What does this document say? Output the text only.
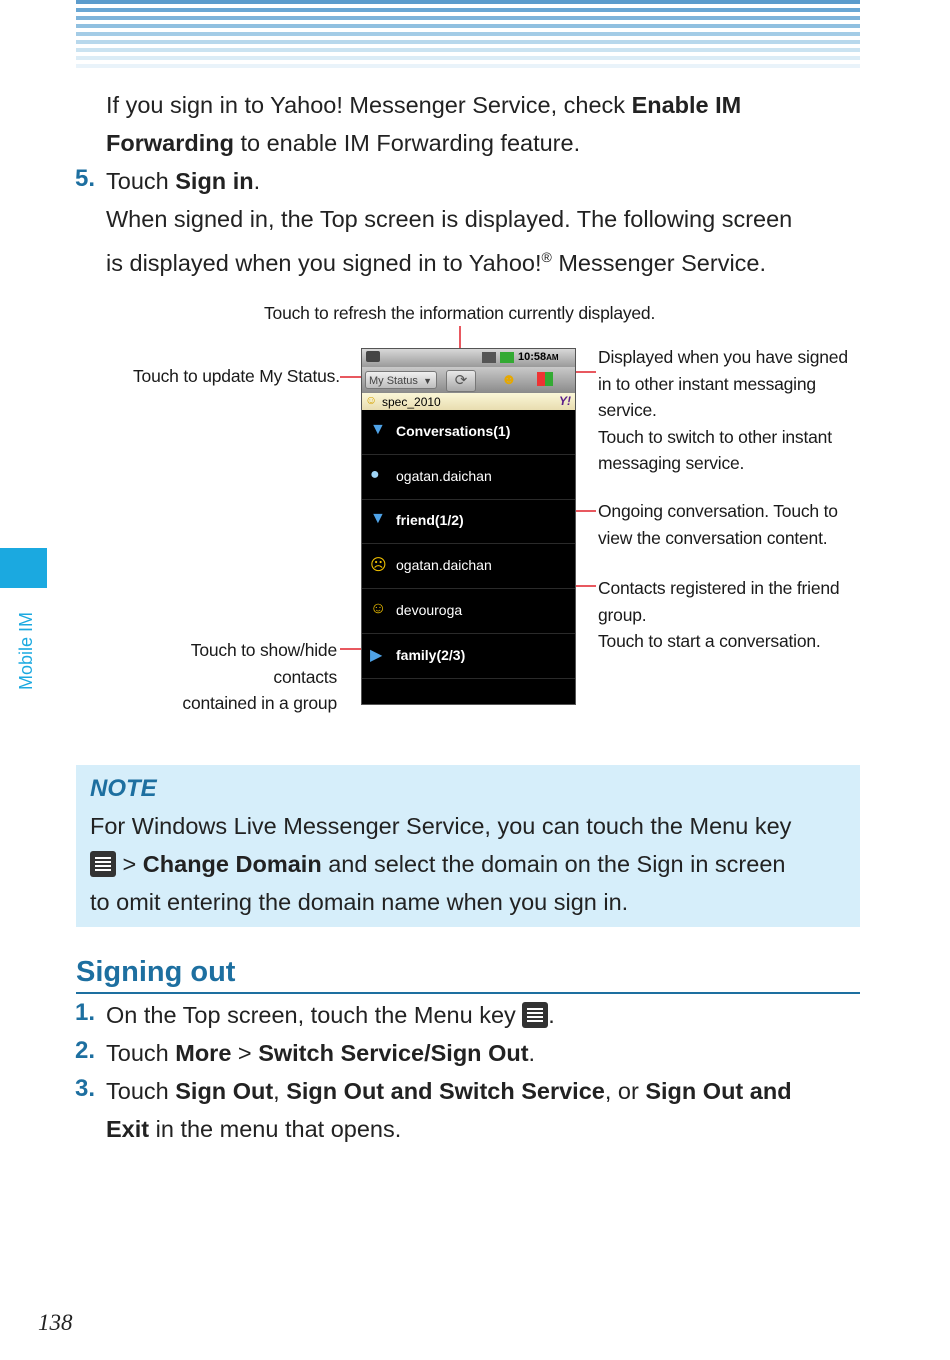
Mobile IM
If you sign in to Yahoo! Messenger Service, check Enable IM
Forwarding to enable IM Forwarding feature.
5. Touch Sign in.
When signed in, the Top screen is displayed. The following screen
is displayed when you signed in to Yahoo!® Messenger Service.
Touch to refresh the information currently displayed.
Touch to update My Status.
Displayed when you have signed
in to other instant messaging
service.
Touch to switch to other instant
messaging service.
Ongoing conversation. Touch to
view the conversation content.
Contacts registered in the friend
group.
Touch to start a conversation.
Touch to show/hide contacts
contained in a group
10:58AM
My Status ▼	⟳	☻
☺ spec_2010	Y!
▼ Conversations(1)
● ogatan.daichan
▼ friend(1/2)
☹ ogatan.daichan
☺ devouroga
▶ family(2/3)
NOTE
For Windows Live Messenger Service, you can touch the Menu key
> Change Domain and select the domain on the Sign in screen
to omit entering the domain name when you sign in.
Signing out
1. On the Top screen, touch the Menu key .
2. Touch More > Switch Service/Sign Out.
3. Touch Sign Out, Sign Out and Switch Service, or Sign Out and
Exit in the menu that opens.
138
